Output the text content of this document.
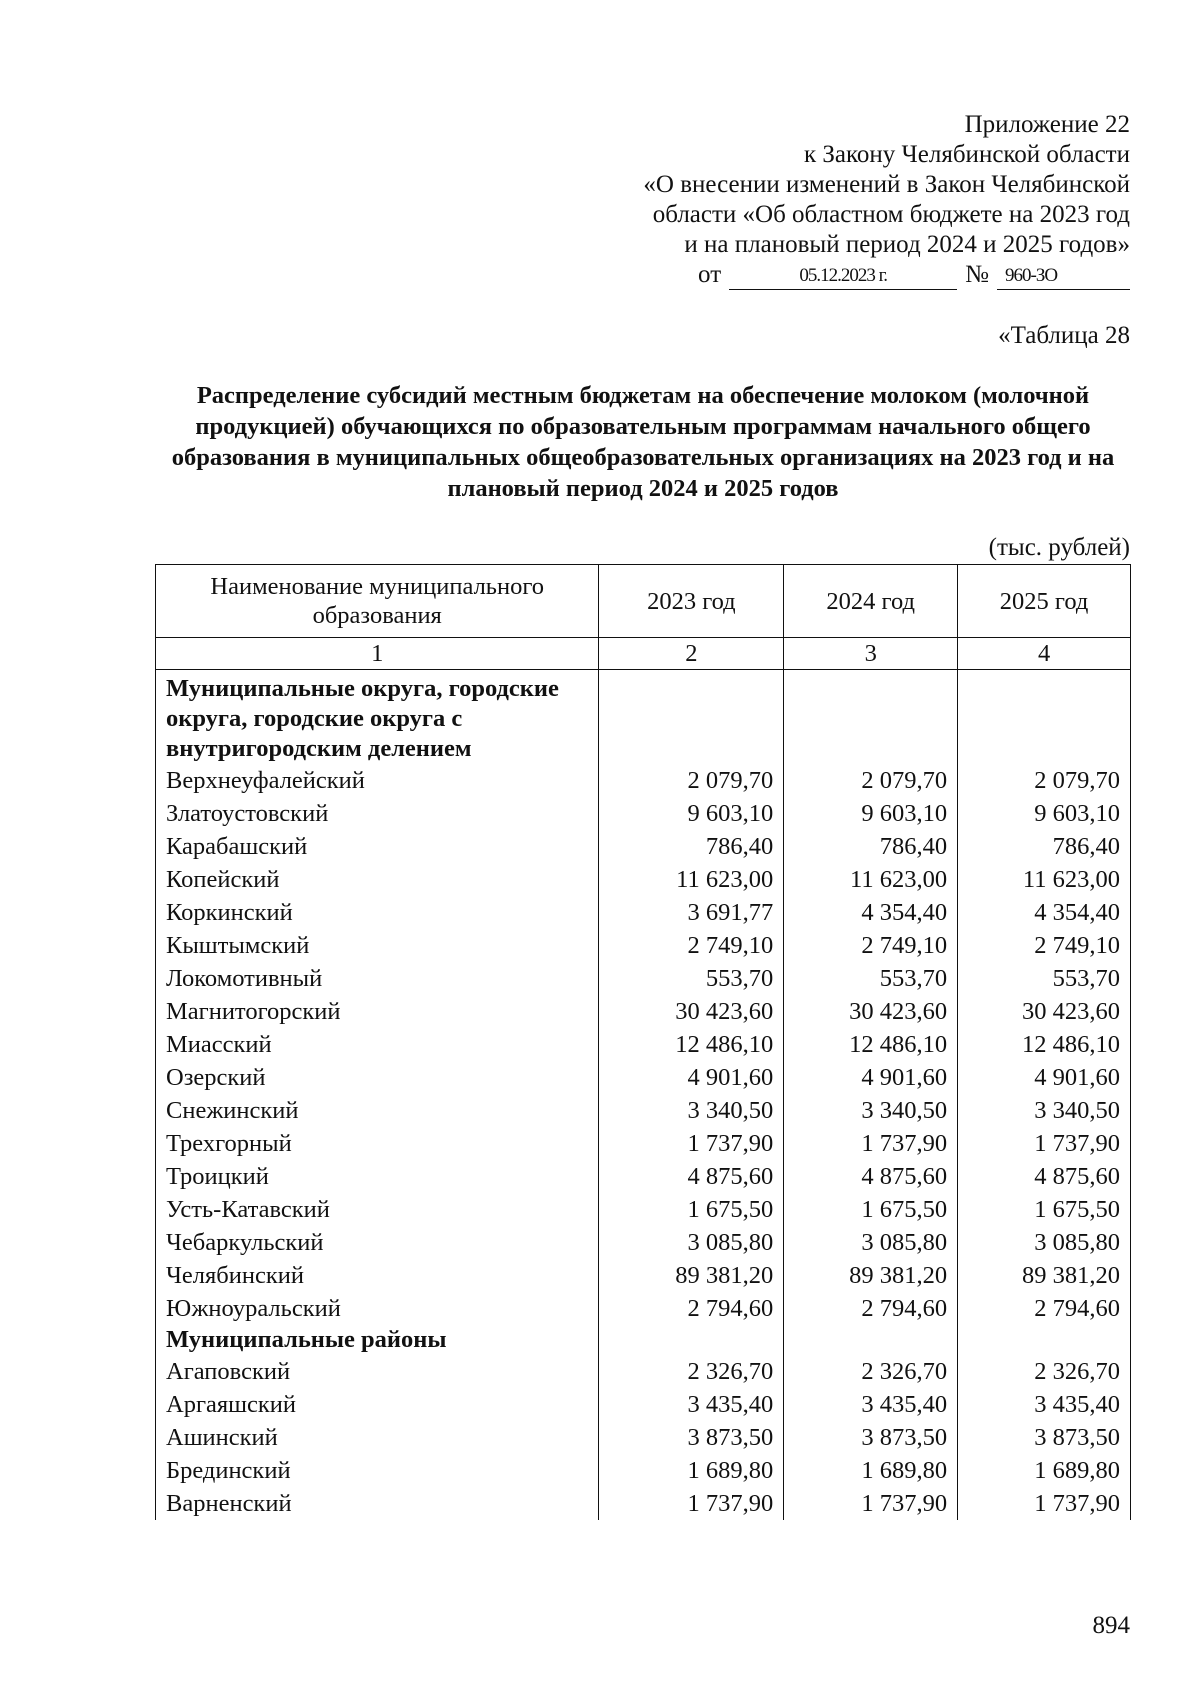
Приложение 22
к Закону Челябинской области
«О внесении изменений в Закон Челябинской
области «Об областном бюджете на 2023 год
и на плановый период 2024 и 2025 годов»
от	05.12.2023 г.	№ 960-ЗО
«Таблица 28
Распределение субсидий местным бюджетам на обеспечение молоком (молочной продукцией) обучающихся по образовательным программам начального общего образования в муниципальных общеобразовательных организациях на 2023 год и на плановый период 2024 и 2025 годов
(тыс. рублей)
Наименование муниципального образования	2023 год	2024 год	2025 год
1	2	3	4
Муниципальные округа, городские округа, городские округа с внутригородским делением			
Верхнеуфалейский	2 079,70	2 079,70	2 079,70
Златоустовский	9 603,10	9 603,10	9 603,10
Карабашский	786,40	786,40	786,40
Копейский	11 623,00	11 623,00	11 623,00
Коркинский	3 691,77	4 354,40	4 354,40
Кыштымский	2 749,10	2 749,10	2 749,10
Локомотивный	553,70	553,70	553,70
Магнитогорский	30 423,60	30 423,60	30 423,60
Миасский	12 486,10	12 486,10	12 486,10
Озерский	4 901,60	4 901,60	4 901,60
Снежинский	3 340,50	3 340,50	3 340,50
Трехгорный	1 737,90	1 737,90	1 737,90
Троицкий	4 875,60	4 875,60	4 875,60
Усть-Катавский	1 675,50	1 675,50	1 675,50
Чебаркульский	3 085,80	3 085,80	3 085,80
Челябинский	89 381,20	89 381,20	89 381,20
Южноуральский	2 794,60	2 794,60	2 794,60
Муниципальные районы			
Агаповский	2 326,70	2 326,70	2 326,70
Аргаяшский	3 435,40	3 435,40	3 435,40
Ашинский	3 873,50	3 873,50	3 873,50
Брединский	1 689,80	1 689,80	1 689,80
Варненский	1 737,90	1 737,90	1 737,90
894
